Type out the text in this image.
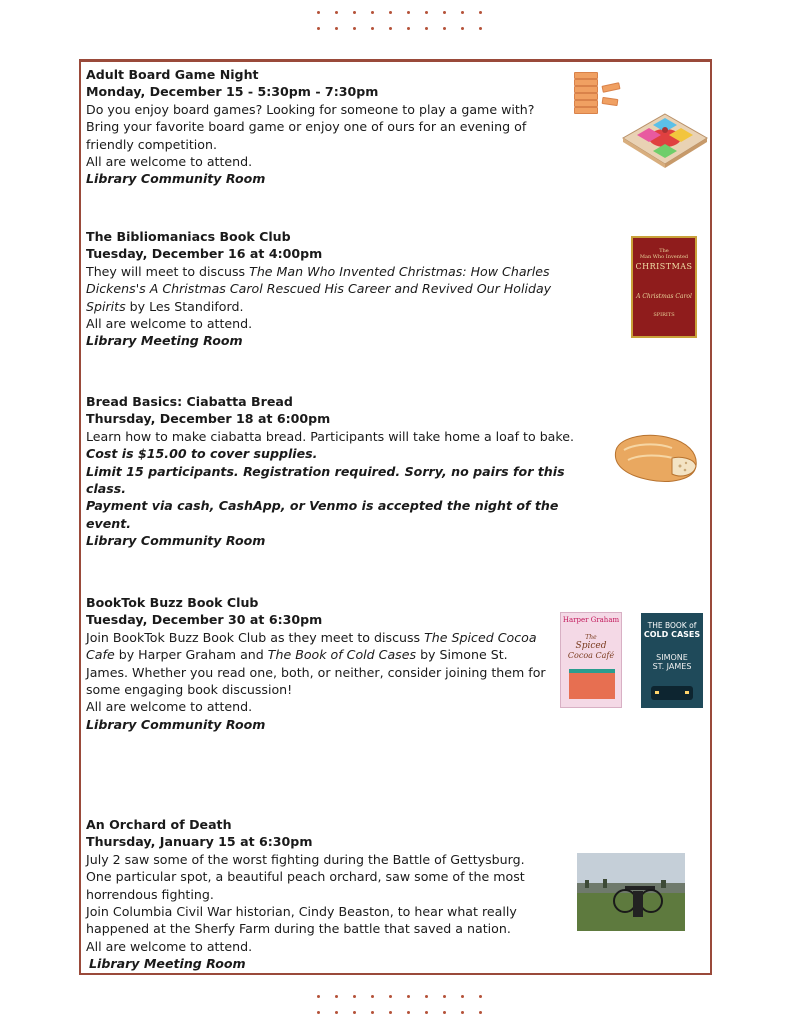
Adult Board Game Night

Monday, December 15 - 5:30pm - 7:30pm

Do you enjoy board games? Looking for someone to play a game with? Bring your favorite board game or enjoy one of ours for an evening of friendly competition.

All are welcome to attend.

Library Community Room

The Bibliomaniacs Book Club

Tuesday, December 16 at 4:00pm

They will meet to discuss The Man Who Invented Christmas: How Charles Dickens's A Christmas Carol Rescued His Career and Revived Our Holiday Spirits by Les Standiford.

All are welcome to attend.

Library Meeting Room

The
Man Who Invented
CHRISTMAS
A Christmas Carol
SPIRITS

Bread Basics: Ciabatta Bread

Thursday, December 18 at 6:00pm

Learn how to make ciabatta bread. Participants will take home a loaf to bake.

Cost is $15.00 to cover supplies.

Limit 15 participants. Registration required. Sorry, no pairs for this class.

Payment via cash, CashApp, or Venmo is accepted the night of the event.

Library Community Room

BookTok Buzz Book Club

Tuesday, December 30 at 6:30pm

Join BookTok Buzz Book Club as they meet to discuss The Spiced Cocoa Cafe by Harper Graham and The Book of Cold Cases by Simone St. James. Whether you read one, both, or neither, consider joining them for some engaging book discussion!

All are welcome to attend.

Library Community Room

Harper Graham
The
Spiced
Cocoa Café
THE BOOK of
COLD CASES
SIMONE
ST. JAMES

An Orchard of Death

Thursday, January 15 at 6:30pm

July 2 saw some of the worst fighting during the Battle of Gettysburg. One particular spot, a beautiful peach orchard, saw some of the most horrendous fighting.

Join Columbia Civil War historian, Cindy Beaston, to hear what really happened at the Sherfy Farm during the battle that saved a nation.

All are welcome to attend.

Library Meeting Room
